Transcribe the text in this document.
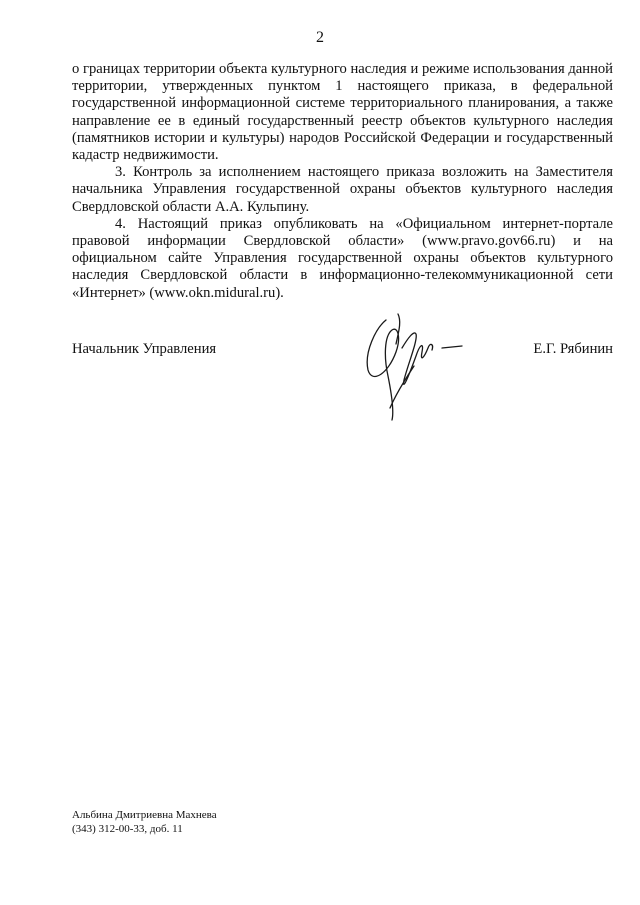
2

о границах территории объекта культурного наследия и режиме использования данной территории, утвержденных пунктом 1 настоящего приказа, в федеральной государственной информационной системе территориального планирования, а также направление ее в единый государственный реестр объектов культурного наследия (памятников истории и культуры) народов Российской Федерации и государственный кадастр недвижимости.

3. Контроль за исполнением настоящего приказа возложить на Заместителя начальника Управления государственной охраны объектов культурного наследия Свердловской области А.А. Кульпину.

4. Настоящий приказ опубликовать на «Официальном интернет-портале правовой информации Свердловской области» (www.pravo.gov66.ru) и на официальном сайте Управления государственной охраны объектов культурного наследия Свердловской области в информационно-телекоммуникационной сети «Интернет» (www.okn.midural.ru).

Начальник Управления	Е.Г. Рябинин
Альбина Дмитриевна Махнева
(343) 312-00-33, доб. 11
